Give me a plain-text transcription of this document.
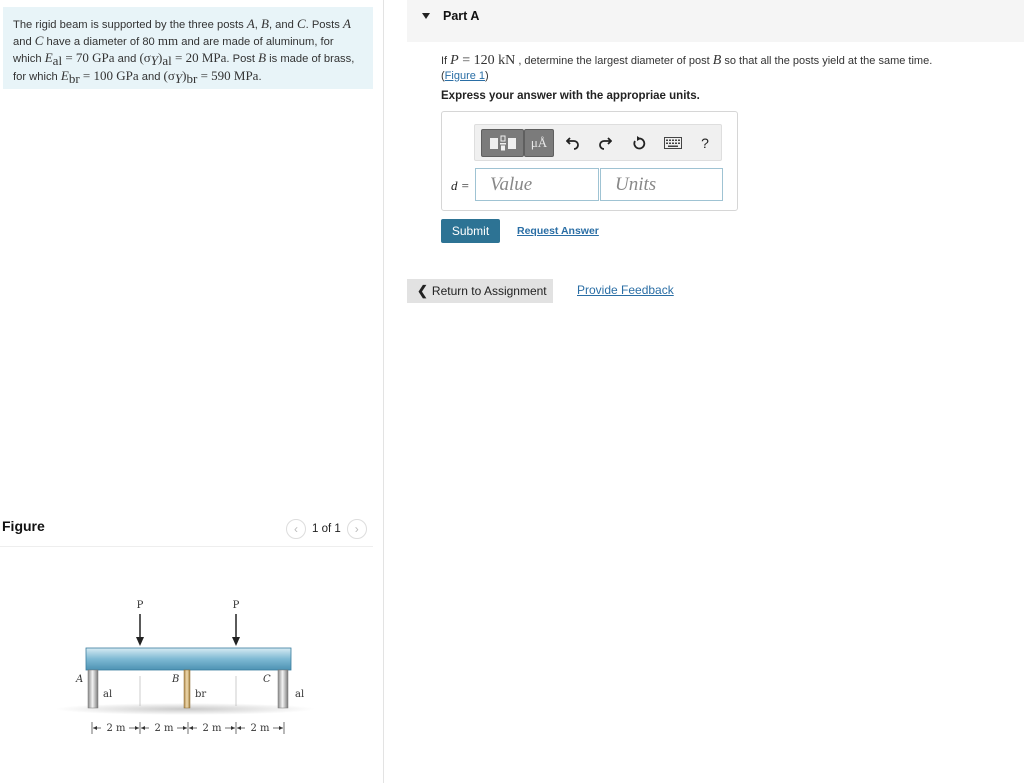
The rigid beam is supported by the three posts A, B, and C. Posts A
and C have a diameter of 80 mm and are made of aluminum, for which $E_{al} = 70$ GPa and $(\sigma_Y)_{al} = 20$ MPa. Post B is made of brass, for which $E_{br} = 100$ GPa and $(\sigma_Y)_{br} = 590$ MPa.
Figure	‹	1 of 1	›
P	P
A	B	C
al	br	al
2 m	2 m	2 m	2 m
Part A
If P = 120 kN , determine the largest diameter of post B so that all the posts yield at the same time.
(Figure 1)
Express your answer with the appropriae units.
μÅ	?
d =	Value	Units
Submit	Request Answer
❮ Return to Assignment	Provide Feedback
